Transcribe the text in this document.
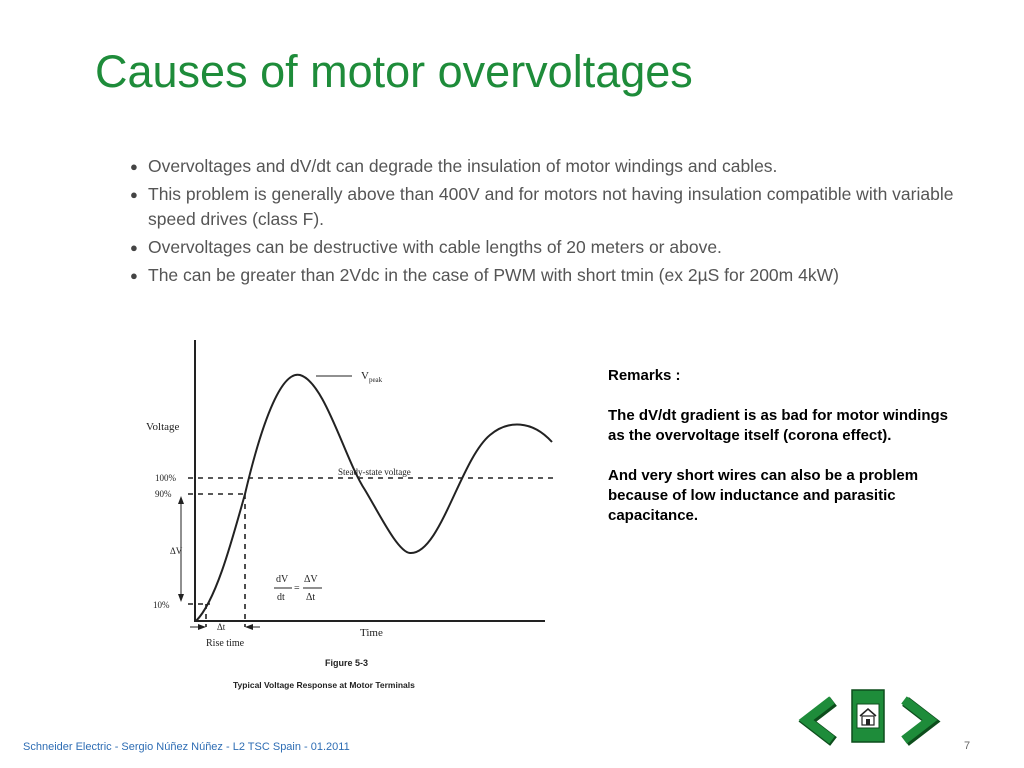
Causes of motor overvoltages
● Overvoltages and dV/dt can degrade the insulation of motor windings and cables.
● This problem is generally above than 400V and for motors not having insulation compatible with variable speed drives (class F).
● Overvoltages can be destructive with cable lengths of 20 meters or above.
● The can be greater than 2Vdc in the case of PWM with short tmin (ex 2µS for 200m 4kW)
Voltage
Time
$V_{peak}$
Steady-state voltage
100%
90%
10%
ΔV
Δt
Rise time
dV
dt
=
ΔV
Δt
Figure 5-3
Typical Voltage Response at Motor Terminals

Remarks :

The dV/dt gradient is as bad for motor windings as the overvoltage itself (corona effect).

And very short wires can also be a problem because of low inductance and parasitic capacitance.

Schneider Electric - Sergio Núñez Núñez - L2 TSC Spain - 01.2011	7
